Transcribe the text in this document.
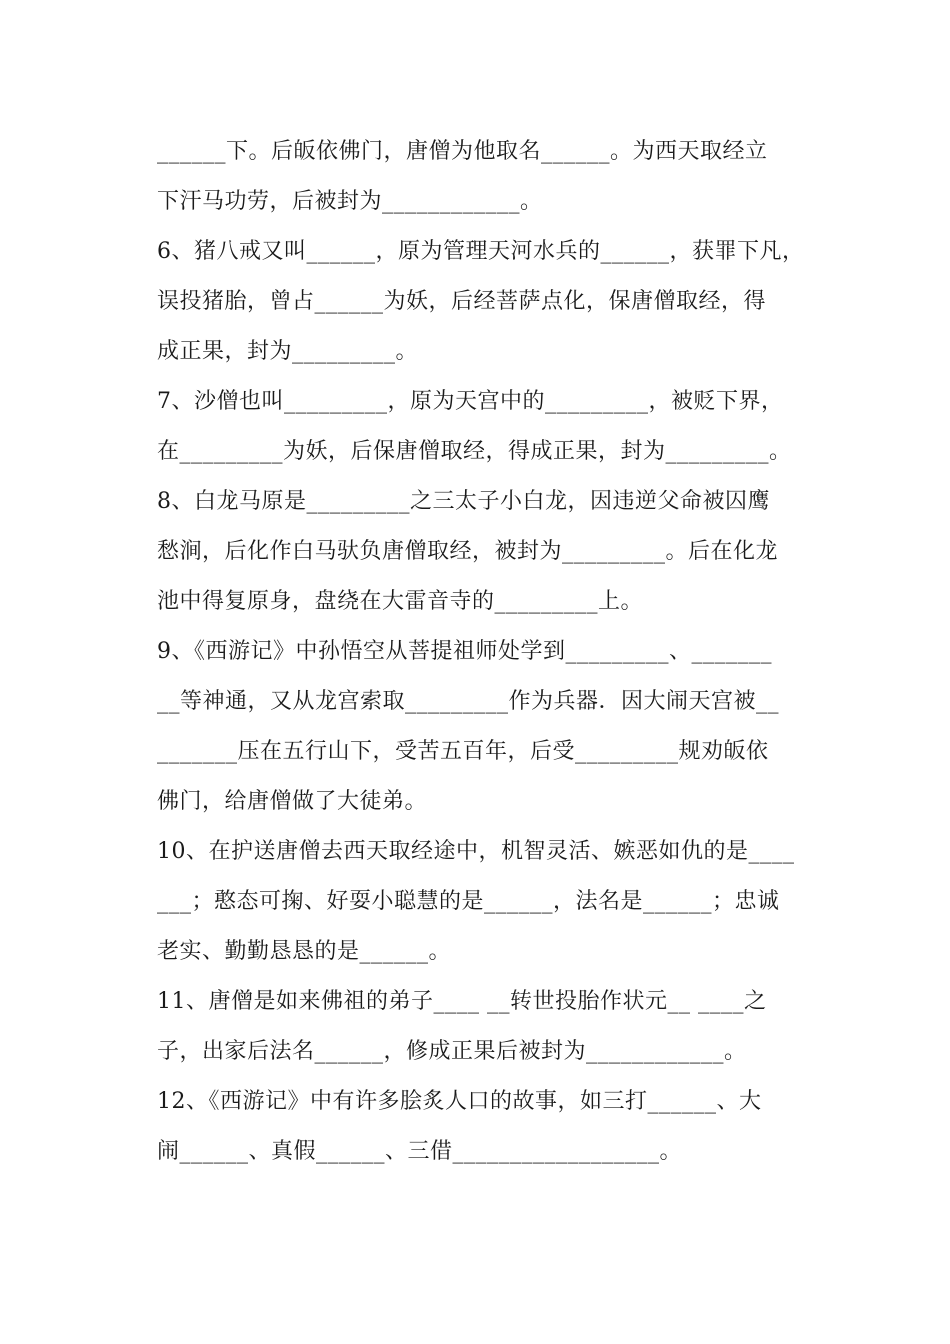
______下。后皈依佛门，唐僧为他取名______。为西天取经立
下汗马功劳，后被封为____________。
6、猪八戒又叫______，原为管理天河水兵的______，获罪下凡，
误投猪胎，曾占______为妖，后经菩萨点化，保唐僧取经，得
成正果，封为_________。
7、沙僧也叫_________，原为天宫中的_________，被贬下界，
在_________为妖，后保唐僧取经，得成正果，封为_________。
8、白龙马原是_________之三太子小白龙，因违逆父命被囚鹰
愁涧，后化作白马驮负唐僧取经，被封为_________。后在化龙
池中得复原身，盘绕在大雷音寺的_________上。
9、《西游记》中孙悟空从菩提祖师处学到_________、_______
__等神通，又从龙宫索取_________作为兵器．因大闹天宫被__
_______压在五行山下，受苦五百年，后受_________规劝皈依
佛门，给唐僧做了大徒弟。
10、在护送唐僧去西天取经途中，机智灵活、嫉恶如仇的是____
___；憨态可掬、好耍小聪慧的是______，法名是______；忠诚
老实、勤勤恳恳的是______。
11、唐僧是如来佛祖的弟子____ __转世投胎作状元__ ____之
子，出家后法名______，修成正果后被封为____________。
12、《西游记》中有许多脍炙人口的故事，如三打______、大
闹______、真假______、三借__________________。
